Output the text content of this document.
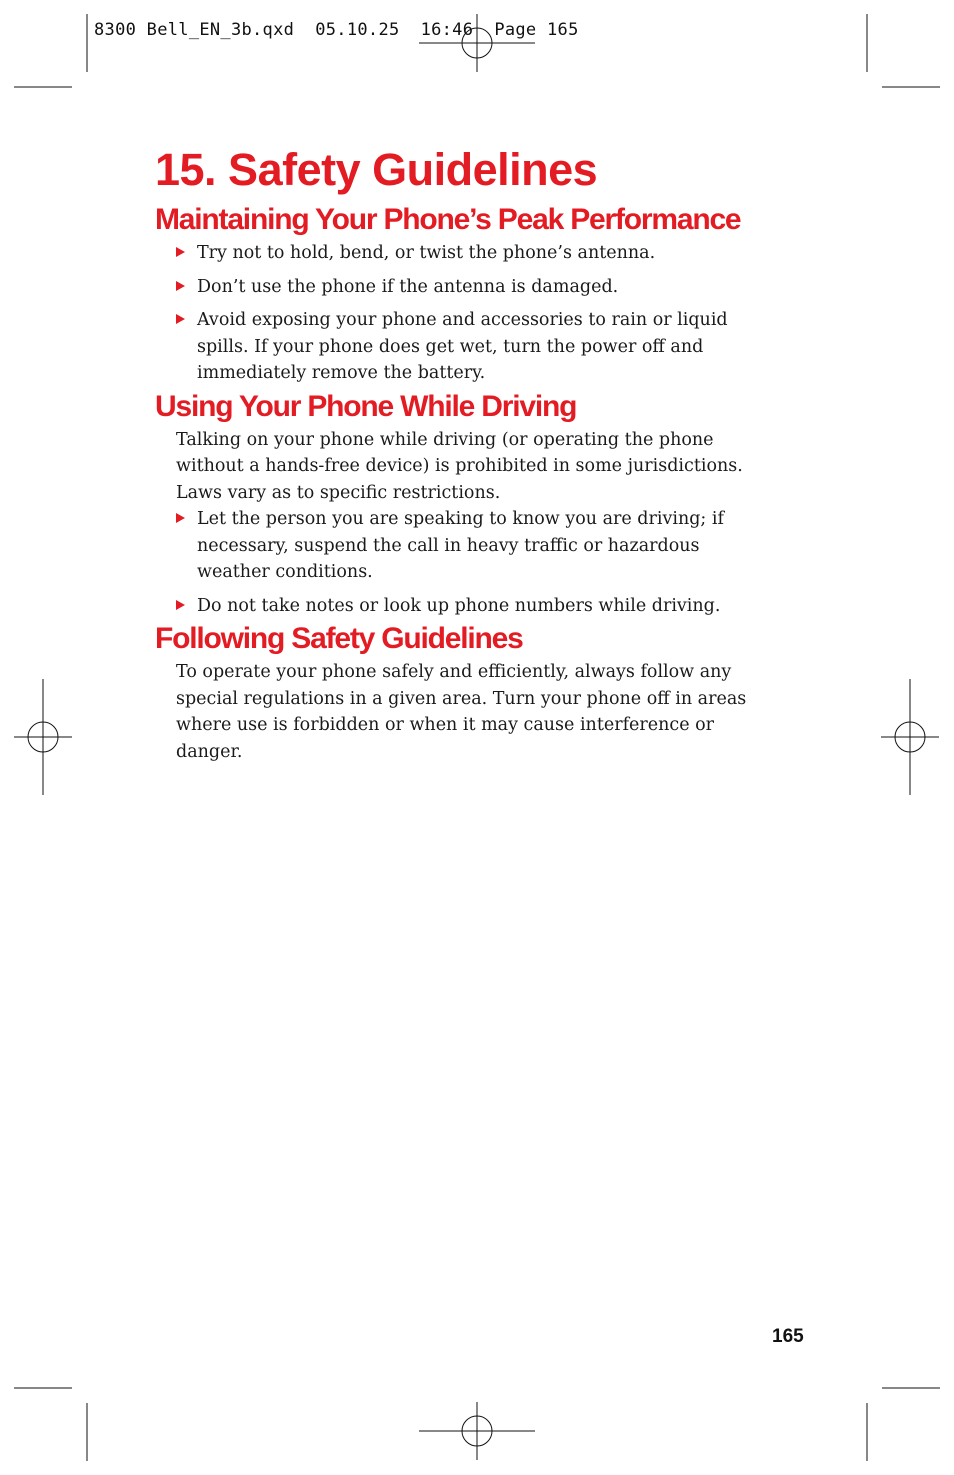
8300 Bell_EN_3b.qxd  05.10.25  16:46  Page 165
15. Safety Guidelines
Maintaining Your Phone’s Peak Performance
Try not to hold, bend, or twist the phone’s antenna.
Don’t use the phone if the antenna is damaged.
Avoid exposing your phone and accessories to rain or liquid spills. If your phone does get wet, turn the power off and immediately remove the battery.
Using Your Phone While Driving

Talking on your phone while driving (or operating the phone without a hands-free device) is prohibited in some jurisdictions. Laws vary as to specific restrictions.

Let the person you are speaking to know you are driving; if necessary, suspend the call in heavy traffic or hazardous weather conditions.
Do not take notes or look up phone numbers while driving.
Following Safety Guidelines

To operate your phone safely and efficiently, always follow any special regulations in a given area. Turn your phone off in areas where use is forbidden or when it may cause interference or danger.

165
